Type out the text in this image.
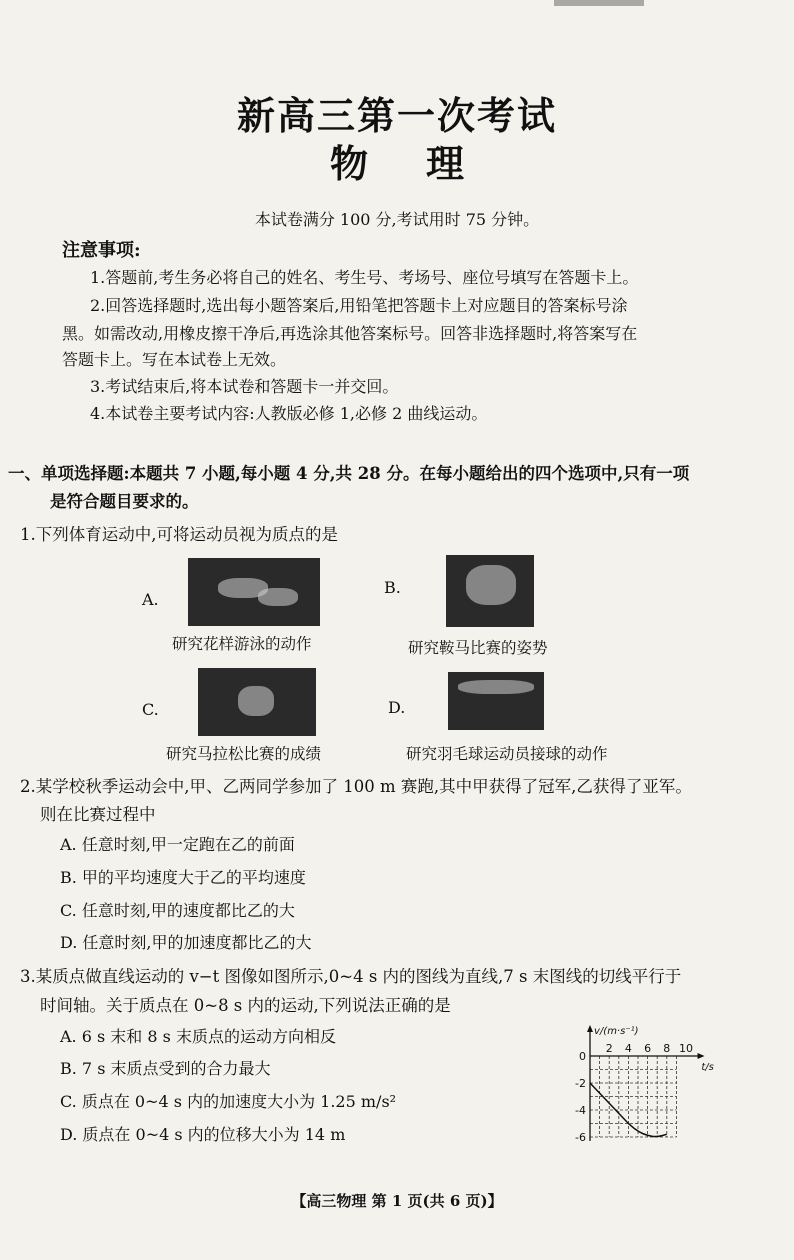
新高三第一次考试
物理
本试卷满分 100 分,考试用时 75 分钟。
注意事项:
1.答题前,考生务必将自己的姓名、考生号、考场号、座位号填写在答题卡上。
2.回答选择题时,选出每小题答案后,用铅笔把答题卡上对应题目的答案标号涂
黑。如需改动,用橡皮擦干净后,再选涂其他答案标号。回答非选择题时,将答案写在
答题卡上。写在本试卷上无效。
3.考试结束后,将本试卷和答题卡一并交回。
4.本试卷主要考试内容:人教版必修 1,必修 2 曲线运动。
一、单项选择题:本题共 7 小题,每小题 4 分,共 28 分。在每小题给出的四个选项中,只有一项
是符合题目要求的。
1.下列体育运动中,可将运动员视为质点的是
A.
研究花样游泳的动作
B.
研究鞍马比赛的姿势
C.
研究马拉松比赛的成绩
D.
研究羽毛球运动员接球的动作
2.某学校秋季运动会中,甲、乙两同学参加了 100 m 赛跑,其中甲获得了冠军,乙获得了亚军。
则在比赛过程中
A. 任意时刻,甲一定跑在乙的前面
B. 甲的平均速度大于乙的平均速度
C. 任意时刻,甲的速度都比乙的大
D. 任意时刻,甲的加速度都比乙的大
3.某质点做直线运动的 v−t 图像如图所示,0~4 s 内的图线为直线,7 s 末图线的切线平行于
时间轴。关于质点在 0~8 s 内的运动,下列说法正确的是
A. 6 s 末和 8 s 末质点的运动方向相反
B. 7 s 末质点受到的合力最大
C. 质点在 0~4 s 内的加速度大小为 1.25 m/s²
D. 质点在 0~4 s 内的位移大小为 14 m
2 4 6 8 10
0
-2
-4
-6
v/(m·s⁻¹)
t/s
【高三物理 第 1 页(共 6 页)】
